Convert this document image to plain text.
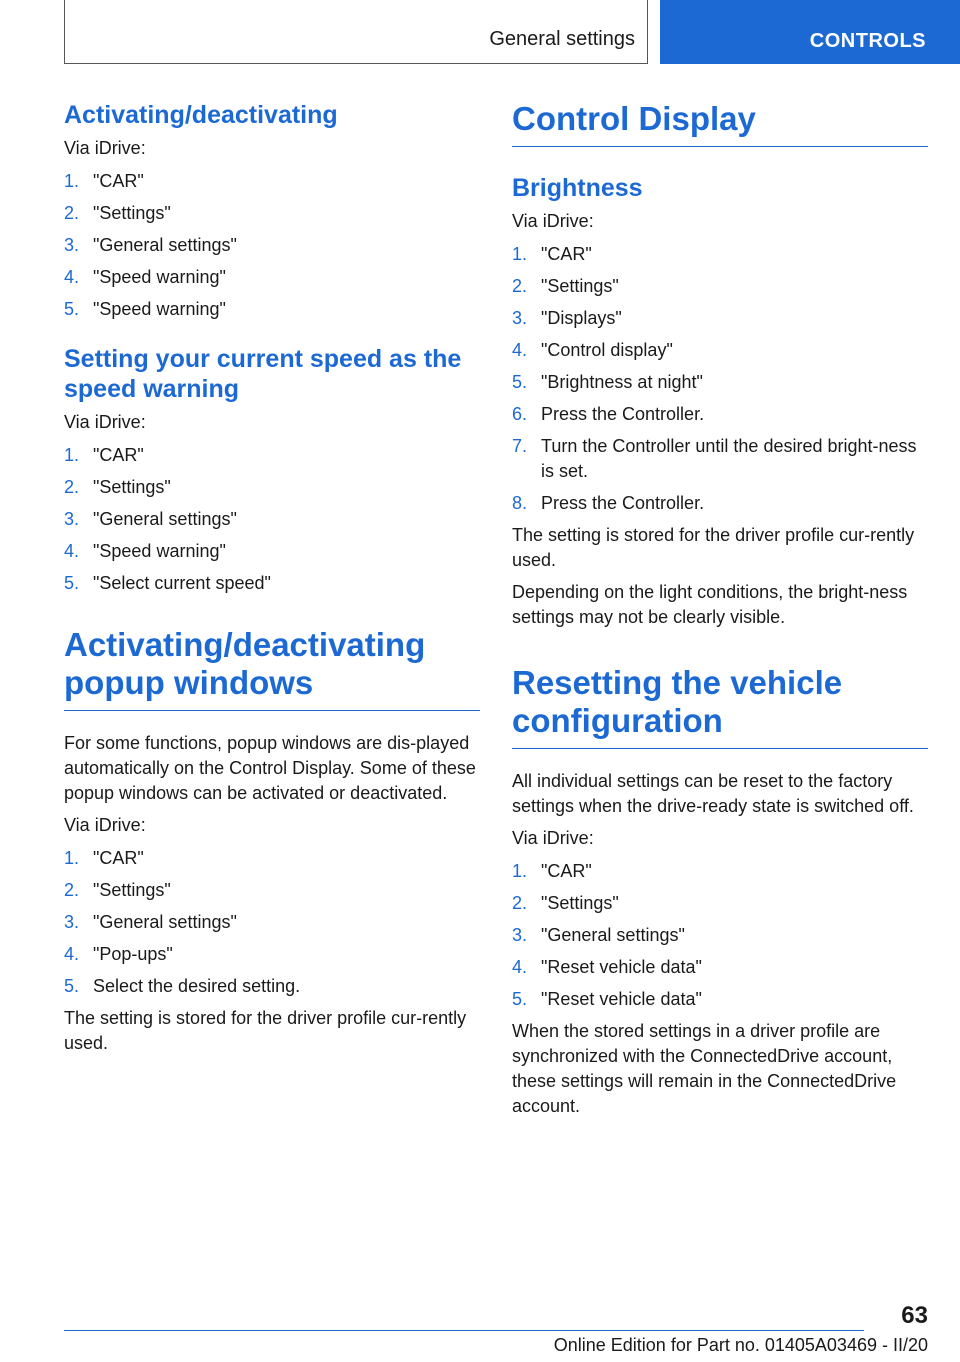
General settings	CONTROLS
Activating/deactivating

Via iDrive:

1. "CAR"
2. "Settings"
3. "General settings"
4. "Speed warning"
5. "Speed warning"
Setting your current speed as the speed warning

Via iDrive:

1. "CAR"
2. "Settings"
3. "General settings"
4. "Speed warning"
5. "Select current speed"
Activating/deactivating popup windows

For some functions, popup windows are dis-played automatically on the Control Display. Some of these popup windows can be activated or deactivated.

Via iDrive:

1. "CAR"
2. "Settings"
3. "General settings"
4. "Pop-ups"
5. Select the desired setting.

The setting is stored for the driver profile cur-rently used.

Control Display
Brightness

Via iDrive:

1. "CAR"
2. "Settings"
3. "Displays"
4. "Control display"
5. "Brightness at night"
6. Press the Controller.
7. Turn the Controller until the desired bright-ness is set.
8. Press the Controller.

The setting is stored for the driver profile cur-rently used.

Depending on the light conditions, the bright-ness settings may not be clearly visible.

Resetting the vehicle configuration

All individual settings can be reset to the factory settings when the drive-ready state is switched off.

Via iDrive:

1. "CAR"
2. "Settings"
3. "General settings"
4. "Reset vehicle data"
5. "Reset vehicle data"

When the stored settings in a driver profile are synchronized with the ConnectedDrive account, these settings will remain in the ConnectedDrive account.

63
Online Edition for Part no. 01405A03469 - II/20
